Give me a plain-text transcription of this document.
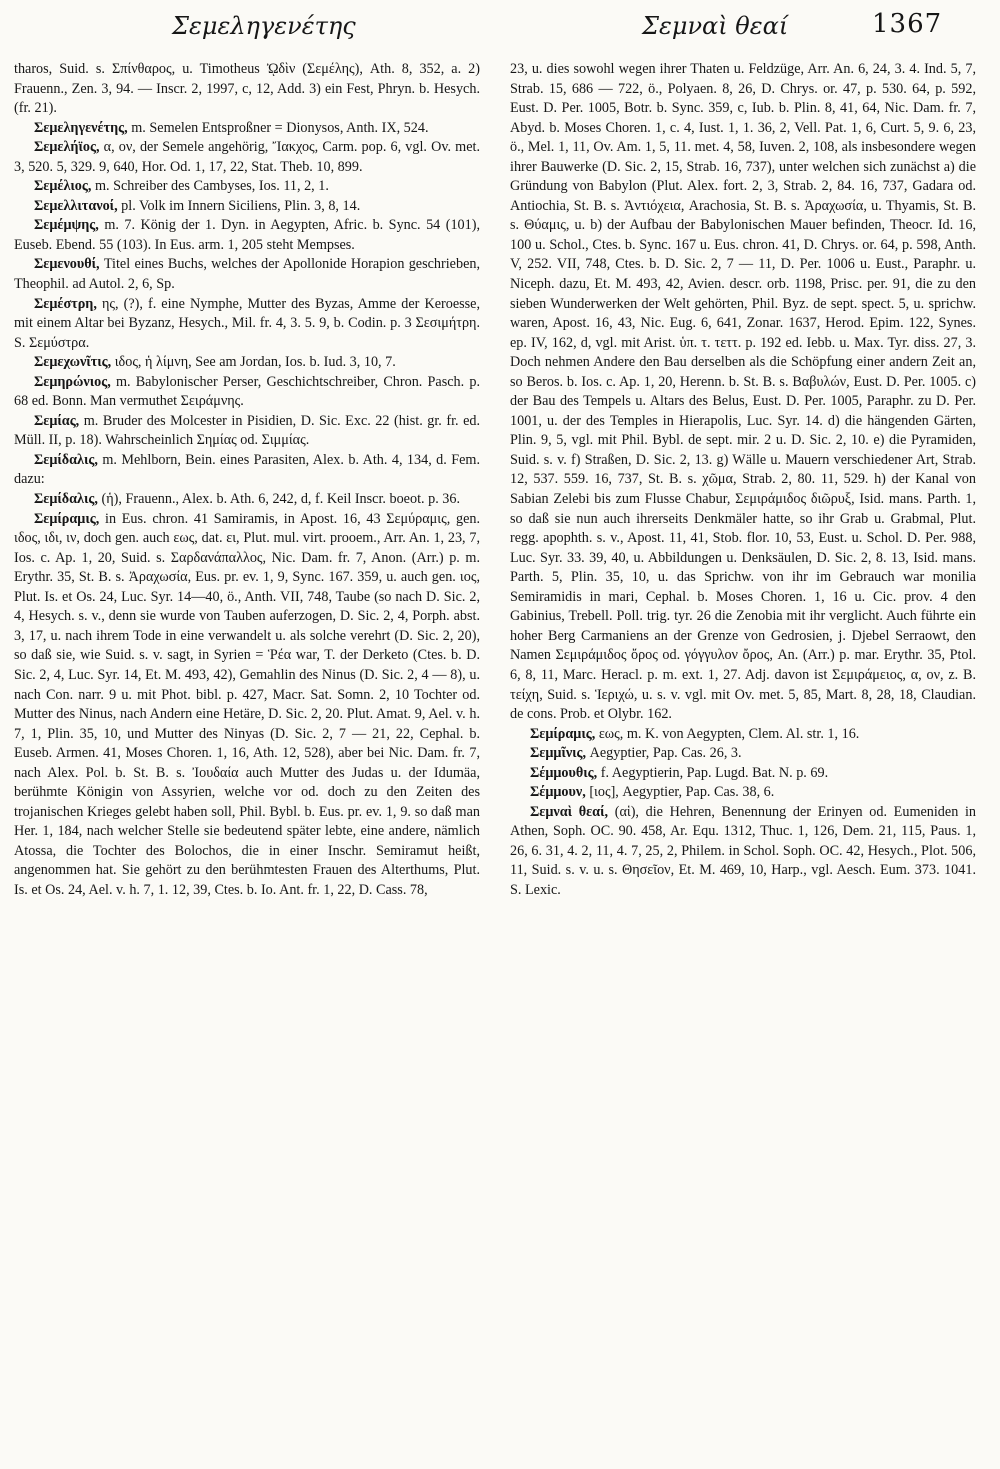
Σεμεληγενέτης	Σεμναὶ θεαί	1367

tharos, Suid. s. Σπίνθαρος, u. Timotheus ᾨδὶν (Σεμέλης), Ath. 8, 352, a. 2) Frauenn., Zen. 3, 94. — Inscr. 2, 1997, c, 12, Add. 3) ein Fest, Phryn. b. Hesych. (fr. 21).

Σεμεληγενέτης, m. Semelen Entsproßner = Dionysos, Anth. IX, 524.

Σεμελήϊος, α, ον, der Semele angehörig, Ἴακχος, Carm. pop. 6, vgl. Ov. met. 3, 520. 5, 329. 9, 640, Hor. Od. 1, 17, 22, Stat. Theb. 10, 899.

Σεμέλιος, m. Schreiber des Cambyses, Ios. 11, 2, 1.

Σεμελλιτανοί, pl. Volk im Innern Siciliens, Plin. 3, 8, 14.

Σεμέμψης, m. 7. König der 1. Dyn. in Aegypten, Afric. b. Sync. 54 (101), Euseb. Ebend. 55 (103). In Eus. arm. 1, 205 steht Mempses.

Σεμενουθί, Titel eines Buchs, welches der Apollonide Horapion geschrieben, Theophil. ad Autol. 2, 6, Sp.

Σεμέστρη, ης, (?), f. eine Nymphe, Mutter des Byzas, Amme der Keroesse, mit einem Altar bei Byzanz, Hesych., Mil. fr. 4, 3. 5. 9, b. Codin. p. 3 Σεσιμήτρη. S. Σεμύστρα.

Σεμεχωνῖτις, ιδος, ἡ λίμνη, See am Jordan, Ios. b. Iud. 3, 10, 7.

Σεμηρώνιος, m. Babylonischer Perser, Geschichtschreiber, Chron. Pasch. p. 68 ed. Bonn. Man vermuthet Σειράμνης.

Σεμίας, m. Bruder des Molcester in Pisidien, D. Sic. Exc. 22 (hist. gr. fr. ed. Müll. II, p. 18). Wahrscheinlich Σημίας od. Σιμμίας.

Σεμίδαλις, m. Mehlborn, Bein. eines Parasiten, Alex. b. Ath. 4, 134, d. Fem. dazu:

Σεμίδαλις, (ἡ), Frauenn., Alex. b. Ath. 6, 242, d, f. Keil Inscr. boeot. p. 36.

Σεμίραμις, in Eus. chron. 41 Samiramis, in Apost. 16, 43 Σεμύραμις, gen. ιδος, ιδι, ιν, doch gen. auch εως, dat. ει, Plut. mul. virt. prooem., Arr. An. 1, 23, 7, Ios. c. Ap. 1, 20, Suid. s. Σαρδανάπαλλος, Nic. Dam. fr. 7, Anon. (Arr.) p. m. Erythr. 35, St. B. s. Ἀραχωσία, Eus. pr. ev. 1, 9, Sync. 167. 359, u. auch gen. ιος, Plut. Is. et Os. 24, Luc. Syr. 14—40, ö., Anth. VII, 748, Taube (so nach D. Sic. 2, 4, Hesych. s. v., denn sie wurde von Tauben auferzogen, D. Sic. 2, 4, Porph. abst. 3, 17, u. nach ihrem Tode in eine verwandelt u. als solche verehrt (D. Sic. 2, 20), so daß sie, wie Suid. s. v. sagt, in Syrien = Ῥέα war, T. der Derketo (Ctes. b. D. Sic. 2, 4, Luc. Syr. 14, Et. M. 493, 42), Gemahlin des Ninus (D. Sic. 2, 4 — 8), u. nach Con. narr. 9 u. mit Phot. bibl. p. 427, Macr. Sat. Somn. 2, 10 Tochter od. Mutter des Ninus, nach Andern eine Hetäre, D. Sic. 2, 20. Plut. Amat. 9, Ael. v. h. 7, 1, Plin. 35, 10, und Mutter des Ninyas (D. Sic. 2, 7 — 21, 22, Cephal. b. Euseb. Armen. 41, Moses Choren. 1, 16, Ath. 12, 528), aber bei Nic. Dam. fr. 7, nach Alex. Pol. b. St. B. s. Ἰουδαία auch Mutter des Judas u. der Idumäa, berühmte Königin von Assyrien, welche vor od. doch zu den Zeiten des trojanischen Krieges gelebt haben soll, Phil. Bybl. b. Eus. pr. ev. 1, 9. so daß man Her. 1, 184, nach welcher Stelle sie bedeutend später lebte, eine andere, nämlich Atossa, die Tochter des Bolochos, die in einer Inschr. Semiramut heißt, angenommen hat. Sie gehört zu den berühmtesten Frauen des Alterthums, Plut. Is. et Os. 24, Ael. v. h. 7, 1. 12, 39, Ctes. b. Io. Ant. fr. 1, 22, D. Cass. 78,

23, u. dies sowohl wegen ihrer Thaten u. Feldzüge, Arr. An. 6, 24, 3. 4. Ind. 5, 7, Strab. 15, 686 — 722, ö., Polyaen. 8, 26, D. Chrys. or. 47, p. 530. 64, p. 592, Eust. D. Per. 1005, Botr. b. Sync. 359, c, Iub. b. Plin. 8, 41, 64, Nic. Dam. fr. 7, Abyd. b. Moses Choren. 1, c. 4, Iust. 1, 1. 36, 2, Vell. Pat. 1, 6, Curt. 5, 9. 6, 23, ö., Mel. 1, 11, Ov. Am. 1, 5, 11. met. 4, 58, Iuven. 2, 108, als insbesondere wegen ihrer Bauwerke (D. Sic. 2, 15, Strab. 16, 737), unter welchen sich zunächst a) die Gründung von Babylon (Plut. Alex. fort. 2, 3, Strab. 2, 84. 16, 737, Gadara od. Antiochia, St. B. s. Ἀντιόχεια, Arachosia, St. B. s. Ἀραχωσία, u. Thyamis, St. B. s. Θύαμις, u. b) der Aufbau der Babylonischen Mauer befinden, Theocr. Id. 16, 100 u. Schol., Ctes. b. Sync. 167 u. Eus. chron. 41, D. Chrys. or. 64, p. 598, Anth. V, 252. VII, 748, Ctes. b. D. Sic. 2, 7 — 11, D. Per. 1006 u. Eust., Paraphr. u. Niceph. dazu, Et. M. 493, 42, Avien. descr. orb. 1198, Prisc. per. 91, die zu den sieben Wunderwerken der Welt gehörten, Phil. Byz. de sept. spect. 5, u. sprichw. waren, Apost. 16, 43, Nic. Eug. 6, 641, Zonar. 1637, Herod. Epim. 122, Synes. ep. IV, 162, d, vgl. mit Arist. ὑπ. τ. τεττ. p. 192 ed. Iebb. u. Max. Tyr. diss. 27, 3. Doch nehmen Andere den Bau derselben als die Schöpfung einer andern Zeit an, so Beros. b. Ios. c. Ap. 1, 20, Herenn. b. St. B. s. Βαβυλών, Eust. D. Per. 1005. c) der Bau des Tempels u. Altars des Belus, Eust. D. Per. 1005, Paraphr. zu D. Per. 1001, u. der des Temples in Hierapolis, Luc. Syr. 14. d) die hängenden Gärten, Plin. 9, 5, vgl. mit Phil. Bybl. de sept. mir. 2 u. D. Sic. 2, 10. e) die Pyramiden, Suid. s. v. f) Straßen, D. Sic. 2, 13. g) Wälle u. Mauern verschiedener Art, Strab. 12, 537. 559. 16, 737, St. B. s. χῶμα, Strab. 2, 80. 11, 529. h) der Kanal von Sabian Zelebi bis zum Flusse Chabur, Σεμιράμιδος διῶρυξ, Isid. mans. Parth. 1, so daß sie nun auch ihrerseits Denkmäler hatte, so ihr Grab u. Grabmal, Plut. regg. apophth. s. v., Apost. 11, 41, Stob. flor. 10, 53, Eust. u. Schol. D. Per. 988, Luc. Syr. 33. 39, 40, u. Abbildungen u. Denksäulen, D. Sic. 2, 8. 13, Isid. mans. Parth. 5, Plin. 35, 10, u. das Sprichw. von ihr im Gebrauch war monilia Semiramidis in mari, Cephal. b. Moses Choren. 1, 16 u. Cic. prov. 4 den Gabinius, Trebell. Poll. trig. tyr. 26 die Zenobia mit ihr verglicht. Auch führte ein hoher Berg Carmaniens an der Grenze von Gedrosien, j. Djebel Serraowt, den Namen Σεμιράμιδος ὄρος od. γόγγυλον ὄρος, An. (Arr.) p. mar. Erythr. 35, Ptol. 6, 8, 11, Marc. Heracl. p. m. ext. 1, 27. Adj. davon ist Σεμιράμειος, α, ον, z. B. τείχη, Suid. s. Ἱεριχώ, u. s. v. vgl. mit Ov. met. 5, 85, Mart. 8, 28, 18, Claudian. de cons. Prob. et Olybr. 162.

Σεμίραμις, εως, m. K. von Aegypten, Clem. Al. str. 1, 16.

Σεμμῖνις, Aegyptier, Pap. Cas. 26, 3.

Σέμμουθις, f. Aegyptierin, Pap. Lugd. Bat. N. p. 69.

Σέμμουν, [ιος], Aegyptier, Pap. Cas. 38, 6.

Σεμναὶ θεαί, (αἱ), die Hehren, Benennung der Erinyen od. Eumeniden in Athen, Soph. OC. 90. 458, Ar. Equ. 1312, Thuc. 1, 126, Dem. 21, 115, Paus. 1, 26, 6. 31, 4. 2, 11, 4. 7, 25, 2, Philem. in Schol. Soph. OC. 42, Hesych., Plot. 506, 11, Suid. s. v. u. s. Θησεῖον, Et. M. 469, 10, Harp., vgl. Aesch. Eum. 373. 1041. S. Lexic.
